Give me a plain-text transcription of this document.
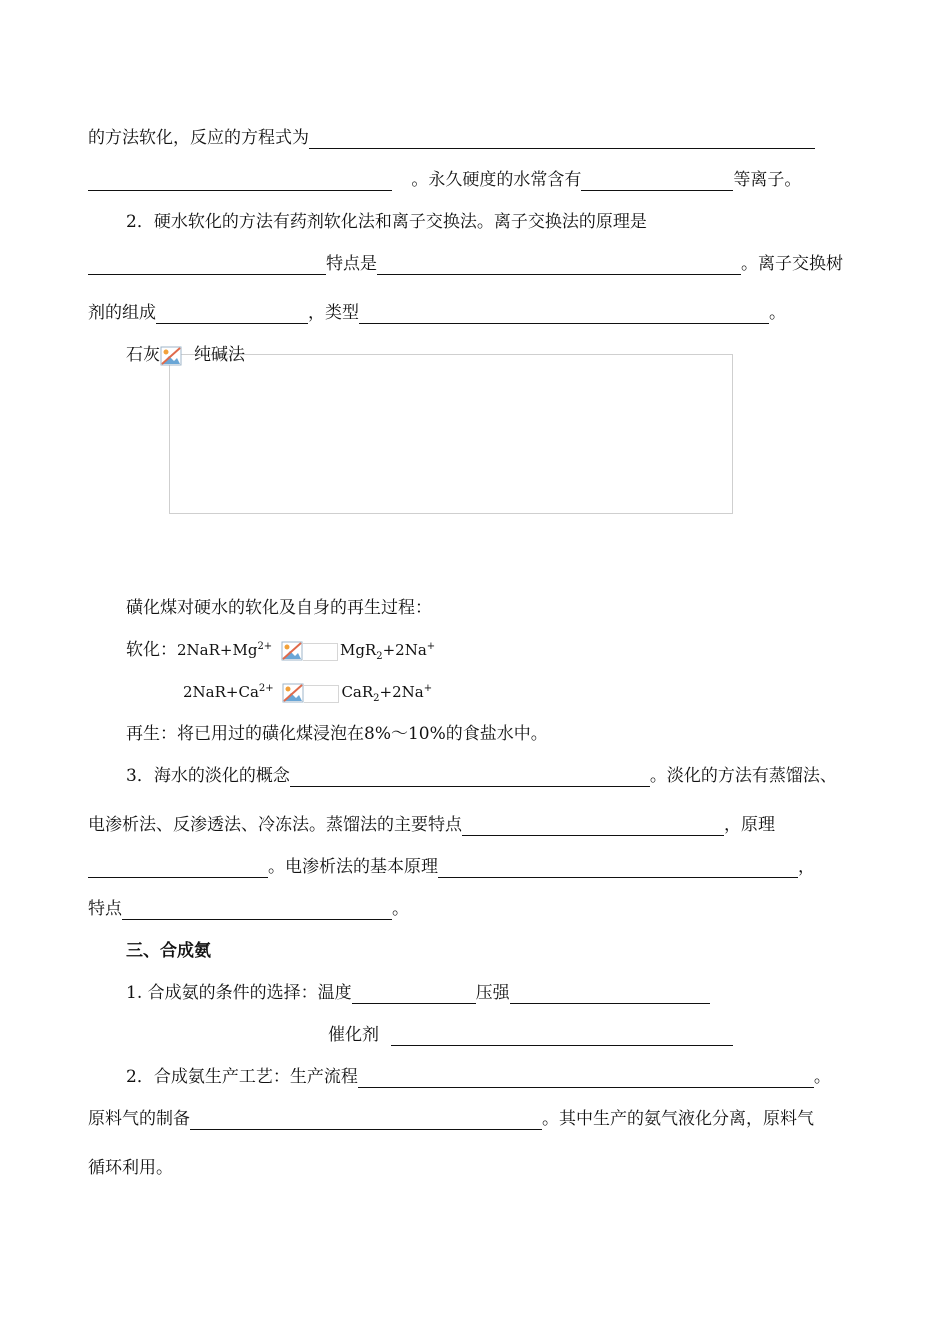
的方法软化，反应的方程式为
。永久硬度的水常含有	等离子。
2．硬水软化的方法有药剂软化法和离子交换法。离子交换法的原理是
特点是	。离子交换树
剂的组成	，类型	。
石灰 纯碱法
磺化煤对硬水的软化及自身的再生过程：
软化：$2NaR+Mg^{2+}$	MgR$_2$+2Na+
$2NaR+Ca^{2+}$	CaR$_2$+2Na+
再生：将已用过的磺化煤浸泡在8%～10%的食盐水中。
3．海水的淡化的概念	。淡化的方法有蒸馏法、
电渗析法、反渗透法、冷冻法。蒸馏法的主要特点	，原理
。电渗析法的基本原理	，
特点	。
三、合成氨
1. 合成氨的条件的选择：温度	压强
催化剂
2．合成氨生产工艺：生产流程	。
原料气的制备	。其中生产的氨气液化分离，原料气
循环利用。
